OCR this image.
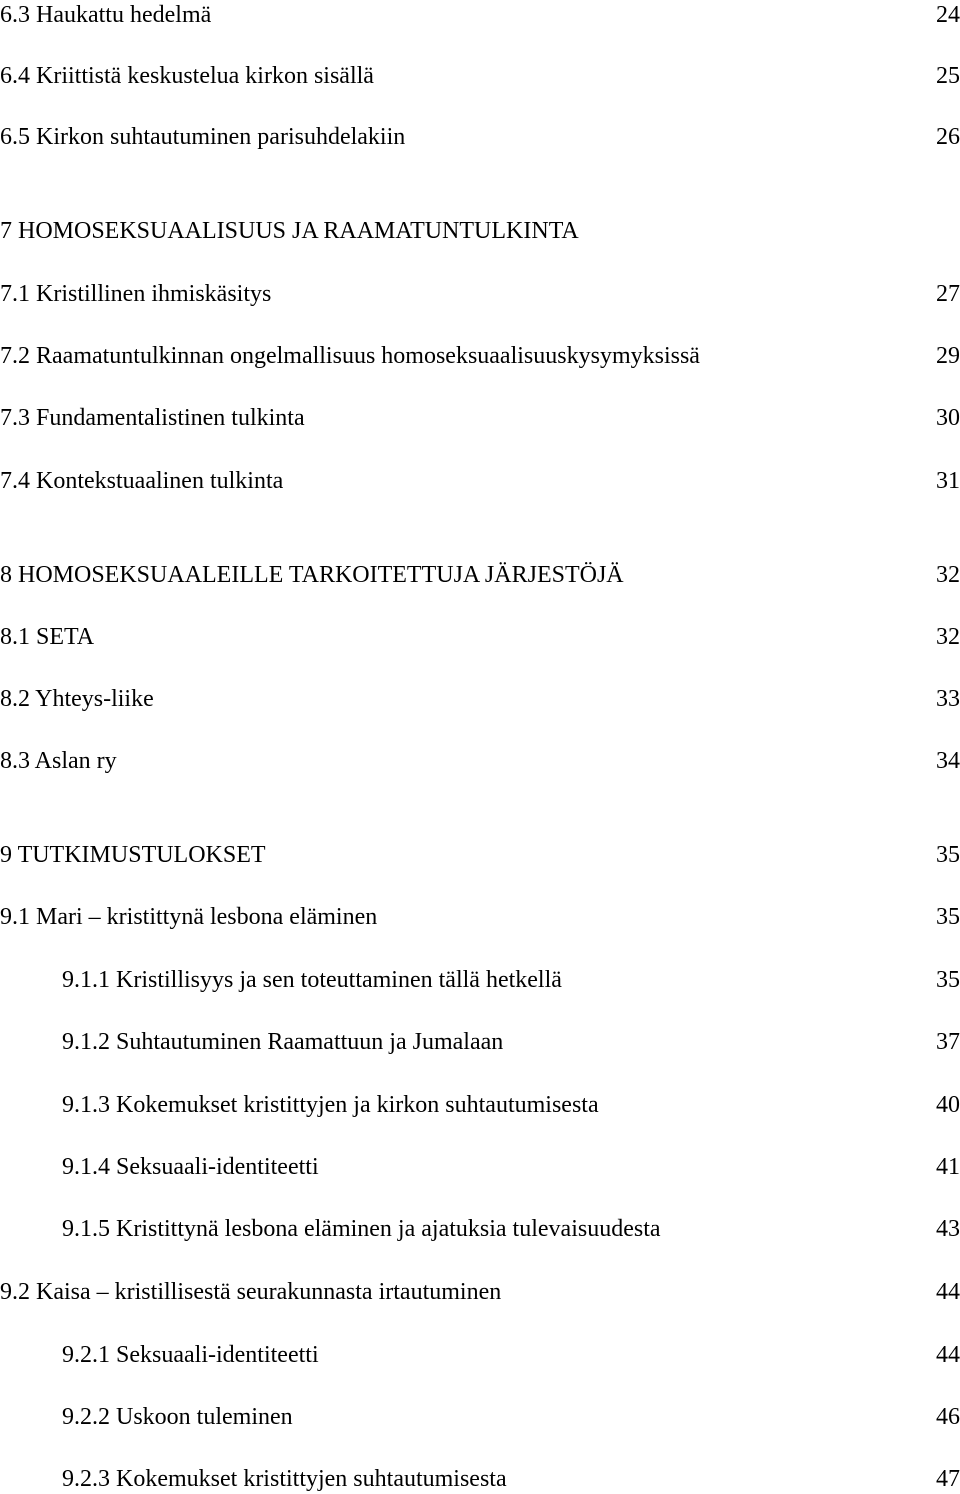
6.3 Haukattu hedelmä	24
6.4 Kriittistä keskustelua kirkon sisällä	25
6.5 Kirkon suhtautuminen parisuhdelakiin	26
7 HOMOSEKSUAALISUUS JA RAAMATUNTULKINTA
7.1 Kristillinen ihmiskäsitys	27
7.2 Raamatuntulkinnan ongelmallisuus homoseksuaalisuuskysymyksissä	29
7.3 Fundamentalistinen tulkinta	30
7.4 Kontekstuaalinen tulkinta	31
8 HOMOSEKSUAALEILLE TARKOITETTUJA JÄRJESTÖJÄ	32
8.1 SETA	32
8.2 Yhteys-liike	33
8.3 Aslan ry	34
9 TUTKIMUSTULOKSET	35
9.1 Mari – kristittynä lesbona eläminen	35
9.1.1 Kristillisyys ja sen toteuttaminen tällä hetkellä	35
9.1.2 Suhtautuminen Raamattuun ja Jumalaan	37
9.1.3 Kokemukset kristittyjen ja kirkon suhtautumisesta	40
9.1.4 Seksuaali-identiteetti	41
9.1.5 Kristittynä lesbona eläminen ja ajatuksia tulevaisuudesta	43
9.2 Kaisa – kristillisestä seurakunnasta irtautuminen	44
9.2.1 Seksuaali-identiteetti	44
9.2.2 Uskoon tuleminen	46
9.2.3 Kokemukset kristittyjen suhtautumisesta	47
